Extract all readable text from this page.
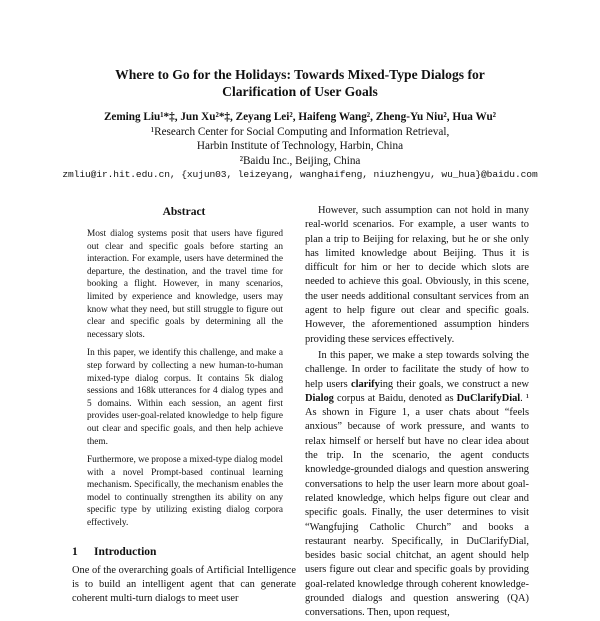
Where to Go for the Holidays: Towards Mixed-Type Dialogs for
Clarification of User Goals
Zeming Liu¹*‡, Jun Xu²*‡, Zeyang Lei², Haifeng Wang², Zheng-Yu Niu², Hua Wu²
¹Research Center for Social Computing and Information Retrieval,
Harbin Institute of Technology, Harbin, China
²Baidu Inc., Beijing, China
zmliu@ir.hit.edu.cn, {xujun03, leizeyang, wanghaifeng, niuzhengyu, wu_hua}@baidu.com
Abstract

Most dialog systems posit that users have figured out clear and specific goals before starting an interaction. For example, users have determined the departure, the destination, and the travel time for booking a flight. However, in many scenarios, limited by experience and knowledge, users may know what they need, but still struggle to figure out clear and specific goals by determining all the necessary slots.

In this paper, we identify this challenge, and make a step forward by collecting a new human-to-human mixed-type dialog corpus. It contains 5k dialog sessions and 168k utterances for 4 dialog types and 5 domains. Within each session, an agent first provides user-goal-related knowledge to help figure out clear and specific goals, and then help achieve them.

Furthermore, we propose a mixed-type dialog model with a novel Prompt-based continual learning mechanism. Specifically, the mechanism enables the model to continually strengthen its ability on any specific type by utilizing existing dialog corpora effectively.

1 Introduction

One of the overarching goals of Artificial Intelligence is to build an intelligent agent that can generate coherent multi-turn dialogs to meet user

However, such assumption can not hold in many real-world scenarios. For example, a user wants to plan a trip to Beijing for relaxing, but he or she only has limited knowledge about Beijing. Thus it is difficult for him or her to decide which slots are needed to achieve this goal. Obviously, in this scene, the user needs additional consultant services from an agent to help figure out clear and specific goals. However, the aforementioned assumption hinders providing these services effectively.

In this paper, we make a step towards solving the challenge. In order to facilitate the study of how to help users clarifying their goals, we construct a new Dialog corpus at Baidu, denoted as DuClarifyDial. ¹ As shown in Figure 1, a user chats about “feels anxious” because of work pressure, and wants to relax himself or herself but have no clear idea about the trip. In the scenario, the agent conducts knowledge-grounded dialogs and question answering conversations to help the user learn more about goal-related knowledge, which helps figure out clear and specific goals. Finally, the user determines to visit “Wangfujing Catholic Church” and books a restaurant nearby. Specifically, in DuClarifyDial, besides basic social chitchat, an agent should help users figure out clear and specific goals by providing goal-related knowledge through coherent knowledge-grounded dialogs and question answering (QA) conversations. Then, upon request,
